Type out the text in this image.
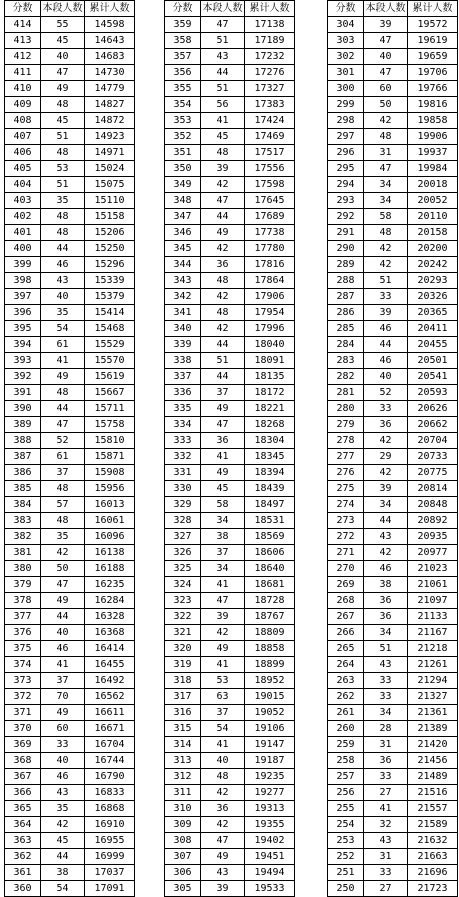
分数	本段人数	累计人数
414	55	14598
413	45	14643
412	40	14683
411	47	14730
410	49	14779
409	48	14827
408	45	14872
407	51	14923
406	48	14971
405	53	15024
404	51	15075
403	35	15110
402	48	15158
401	48	15206
400	44	15250
399	46	15296
398	43	15339
397	40	15379
396	35	15414
395	54	15468
394	61	15529
393	41	15570
392	49	15619
391	48	15667
390	44	15711
389	47	15758
388	52	15810
387	61	15871
386	37	15908
385	48	15956
384	57	16013
383	48	16061
382	35	16096
381	42	16138
380	50	16188
379	47	16235
378	49	16284
377	44	16328
376	40	16368
375	46	16414
374	41	16455
373	37	16492
372	70	16562
371	49	16611
370	60	16671
369	33	16704
368	40	16744
367	46	16790
366	43	16833
365	35	16868
364	42	16910
363	45	16955
362	44	16999
361	38	17037
360	54	17091
分数	本段人数	累计人数
359	47	17138
358	51	17189
357	43	17232
356	44	17276
355	51	17327
354	56	17383
353	41	17424
352	45	17469
351	48	17517
350	39	17556
349	42	17598
348	47	17645
347	44	17689
346	49	17738
345	42	17780
344	36	17816
343	48	17864
342	42	17906
341	48	17954
340	42	17996
339	44	18040
338	51	18091
337	44	18135
336	37	18172
335	49	18221
334	47	18268
333	36	18304
332	41	18345
331	49	18394
330	45	18439
329	58	18497
328	34	18531
327	38	18569
326	37	18606
325	34	18640
324	41	18681
323	47	18728
322	39	18767
321	42	18809
320	49	18858
319	41	18899
318	53	18952
317	63	19015
316	37	19052
315	54	19106
314	41	19147
313	40	19187
312	48	19235
311	42	19277
310	36	19313
309	42	19355
308	47	19402
307	49	19451
306	43	19494
305	39	19533
分数	本段人数	累计人数
304	39	19572
303	47	19619
302	40	19659
301	47	19706
300	60	19766
299	50	19816
298	42	19858
297	48	19906
296	31	19937
295	47	19984
294	34	20018
293	34	20052
292	58	20110
291	48	20158
290	42	20200
289	42	20242
288	51	20293
287	33	20326
286	39	20365
285	46	20411
284	44	20455
283	46	20501
282	40	20541
281	52	20593
280	33	20626
279	36	20662
278	42	20704
277	29	20733
276	42	20775
275	39	20814
274	34	20848
273	44	20892
272	43	20935
271	42	20977
270	46	21023
269	38	21061
268	36	21097
267	36	21133
266	34	21167
265	51	21218
264	43	21261
263	33	21294
262	33	21327
261	34	21361
260	28	21389
259	31	21420
258	36	21456
257	33	21489
256	27	21516
255	41	21557
254	32	21589
253	43	21632
252	31	21663
251	33	21696
250	27	21723
